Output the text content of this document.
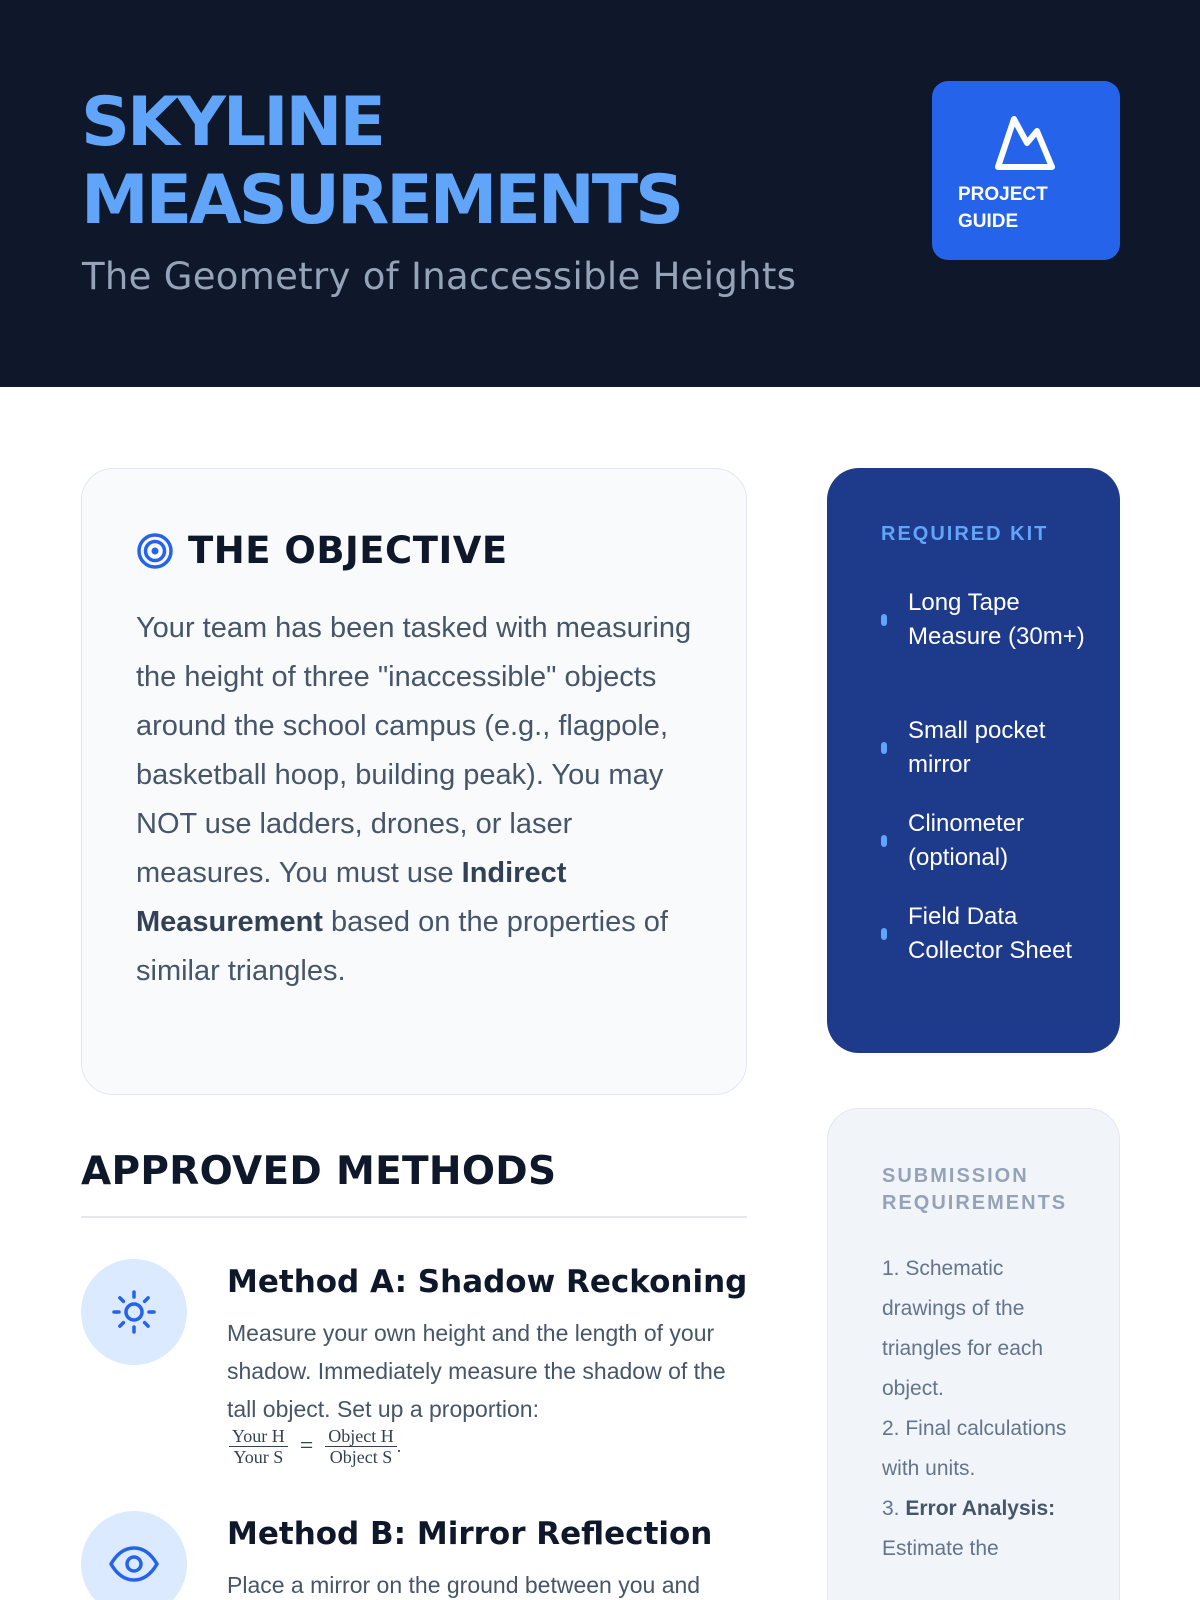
SKYLINE
MEASUREMENTS
The Geometry of Inaccessible Heights
PROJECT
GUIDE
THE OBJECTIVE

Your team has been tasked with measuring the height of three "inaccessible" objects around the school campus (e.g., flagpole, basketball hoop, building peak). You may NOT use ladders, drones, or laser measures. You must use Indirect Measurement based on the properties of similar triangles.

APPROVED METHODS
Method A: Shadow Reckoning

Measure your own height and the length of your shadow. Immediately measure the shadow of the tall object. Set up a proportion:

$\frac{\text{Your H}}{\text{Your S}} = \frac{\text{Object H}}{\text{Object S}}$ .
Method B: Mirror Reflection

Place a mirror on the ground between you and

REQUIRED KIT
Long Tape Measure (30m+)
Small pocket mirror
Clinometer (optional)
Field Data Collector Sheet
SUBMISSION REQUIREMENTS
1. Schematic drawings of the triangles for each object.
2. Final calculations with units.
3. Error Analysis: Estimate the
